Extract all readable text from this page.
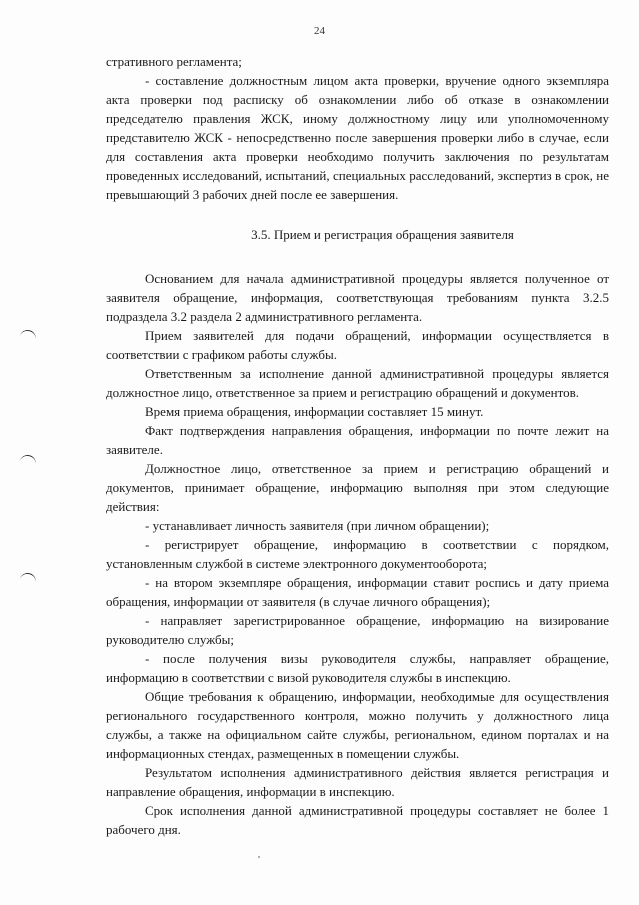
24

стративного регламента;

- составление должностным лицом акта проверки, вручение одного экземпляра акта проверки под расписку об ознакомлении либо об отказе в ознакомлении председателю правления ЖСК, иному должностному лицу или уполномоченному представителю ЖСК - непосредственно после завершения проверки либо в случае, если для составления акта проверки необходимо получить заключения по результатам проведенных исследований, испытаний, специальных расследований, экспертиз в срок, не превышающий 3 рабочих дней после ее завершения.

3.5. Прием и регистрация обращения заявителя

Основанием для начала административной процедуры является полученное от заявителя обращение, информация, соответствующая требованиям пункта 3.2.5 подраздела 3.2 раздела 2 административного регламента.

Прием заявителей для подачи обращений, информации осуществляется в соответствии с графиком работы службы.

Ответственным за исполнение данной административной процедуры является должностное лицо, ответственное за прием и регистрацию обращений и документов.

Время приема обращения, информации составляет 15 минут.

Факт подтверждения направления обращения, информации по почте лежит на заявителе.

Должностное лицо, ответственное за прием и регистрацию обращений и документов, принимает обращение, информацию выполняя при этом следующие действия:

- устанавливает личность заявителя (при личном обращении);

- регистрирует обращение, информацию в соответствии с порядком, установленным службой в системе электронного документооборота;

- на втором экземпляре обращения, информации ставит роспись и дату приема обращения, информации от заявителя (в случае личного обращения);

- направляет зарегистрированное обращение, информацию на визирование руководителю службы;

- после получения визы руководителя службы, направляет обращение, информацию в соответствии с визой руководителя службы в инспекцию.

Общие требования к обращению, информации, необходимые для осуществления регионального государственного контроля, можно получить у должностного лица службы, а также на официальном сайте службы, региональном, едином порталах и на информационных стендах, размещенных в помещении службы.

Результатом исполнения административного действия является регистрация и направление обращения, информации в инспекцию.

Срок исполнения данной административной процедуры составляет не более 1 рабочего дня.
